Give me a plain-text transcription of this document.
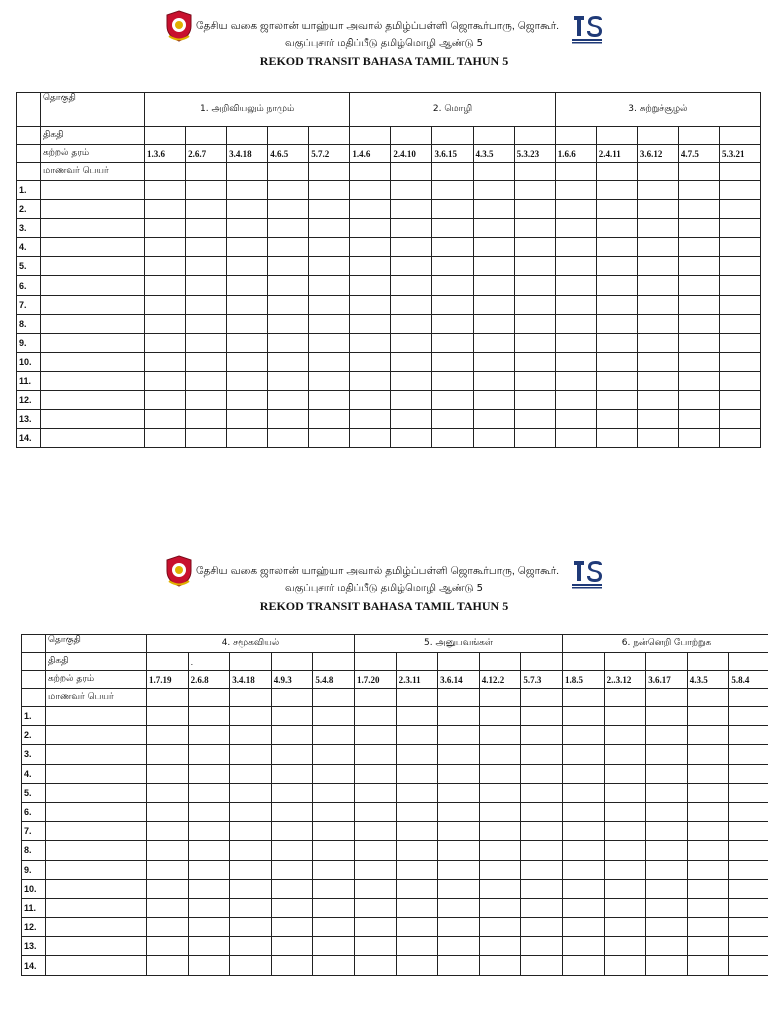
தேசிய வகை ஜாலான் யாஹ்யா அவால் தமிழ்ப்பள்ளி ஜொகூர்பாரு, ஜொகூர்.
வகுப்புசார் மதிப்பீடு தமிழ்மொழி ஆண்டு 5
REKOD TRANSIT BAHASA TAMIL TAHUN 5
தேசிய வகை ஜாலான் யாஹ்யா அவால் தமிழ்ப்பள்ளி ஜொகூர்பாரு, ஜொகூர்.
வகுப்புசார் மதிப்பீடு தமிழ்மொழி ஆண்டு 5
REKOD TRANSIT BAHASA TAMIL TAHUN 5
	தொகுதி	1. அறிவியலும் நாமும்					2. மொழி					3. சுற்றுச்சூழல்				
	திகதி															
	கற்றல் தரம்	1.3.6	2.6.7	3.4.18	4.6.5	5.7.2	1.4.6	2.4.10	3.6.15	4.3.5	5.3.23	1.6.6	2.4.11	3.6.12	4.7.5	5.3.21
	மாணவர் பெயர்															
1.																
2.																
3.																
4.																
5.																
6.																
7.																
8.																
9.																
10.																
11.																
12.																
13.																
14.																
	தொகுதி	4. சமூகவியல்					5. அனுபவங்கள்					6. நன்னெறி போற்றுக				
	திகதி		.													
	கற்றல் தரம்	1.7.19	2.6.8	3.4.18	4.9.3	5.4.8	1.7.20	2.3.11	3.6.14	4.12.2	5.7.3	1.8.5	2..3.12	3.6.17	4.3.5	5.8.4
	மாணவர் பெயர்															
1.																
2.																
3.																
4.																
5.																
6.																
7.																
8.																
9.																
10.																
11.																
12.																
13.																
14.																
